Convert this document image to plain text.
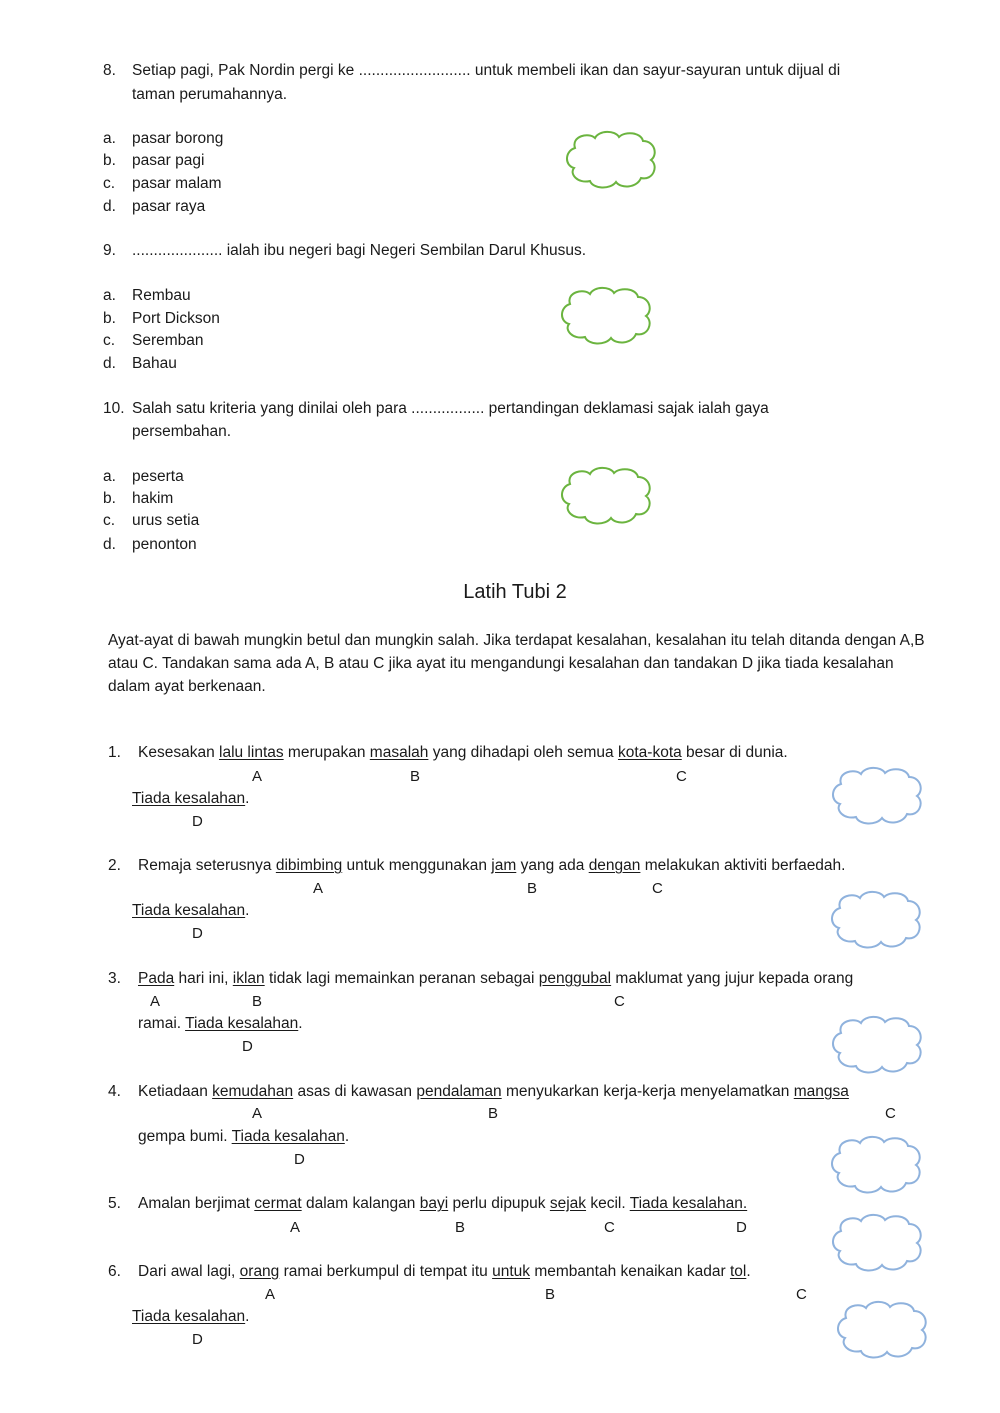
8. Setiap pagi, Pak Nordin pergi ke .......................... untuk membeli ikan dan sayur-sayuran untuk dijual di
taman perumahannya.
a. pasar borong
b. pasar pagi
c. pasar malam
d. pasar raya
9. ..................... ialah ibu negeri bagi Negeri Sembilan Darul Khusus.
a. Rembau
b. Port Dickson
c. Seremban
d. Bahau
10. Salah satu kriteria yang dinilai oleh para ................. pertandingan deklamasi sajak ialah gaya
persembahan.
a. peserta
b. hakim
c. urus setia
d. penonton
Latih Tubi 2
Ayat-ayat di bawah mungkin betul dan mungkin salah. Jika terdapat kesalahan, kesalahan itu telah ditanda dengan A,B atau C. Tandakan sama ada A, B atau C jika ayat itu mengandungi kesalahan dan tandakan D jika tiada kesalahan dalam ayat berkenaan.
1. Kesesakan lalu lintas merupakan masalah yang dihadapi oleh semua kota-kota besar di dunia.
A	B	C
Tiada kesalahan.
D
2. Remaja seterusnya dibimbing untuk menggunakan jam yang ada dengan melakukan aktiviti berfaedah.
A	B	C
Tiada kesalahan.
D
3. Pada hari ini, iklan tidak lagi memainkan peranan sebagai penggubal maklumat yang jujur kepada orang
A	B	C
ramai. Tiada kesalahan.
D
4. Ketiadaan kemudahan asas di kawasan pendalaman menyukarkan kerja-kerja menyelamatkan mangsa
A	B	C
gempa bumi. Tiada kesalahan.
D
5. Amalan berjimat cermat dalam kalangan bayi perlu dipupuk sejak kecil. Tiada kesalahan.
A	B	C	D
6. Dari awal lagi, orang ramai berkumpul di tempat itu untuk membantah kenaikan kadar tol.
A	B	C
Tiada kesalahan.
D
